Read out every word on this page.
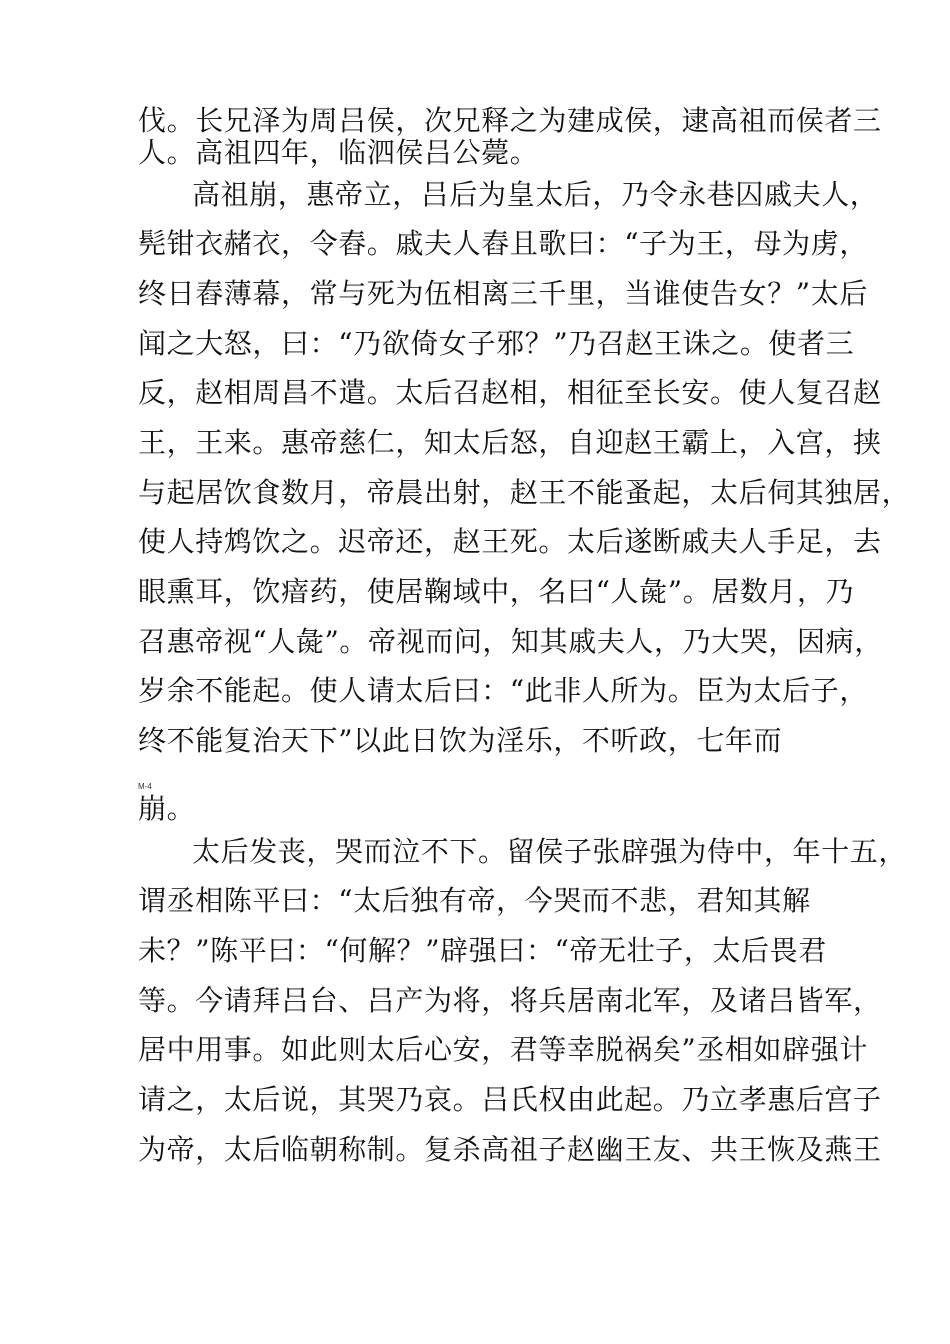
伐。长兄泽为周吕侯，次兄释之为建成侯，逮高祖而侯者三
人。高祖四年，临泗侯吕公薨。
高祖崩，惠帝立，吕后为皇太后，乃令永巷囚戚夫人，
髡钳衣赭衣，令舂。戚夫人舂且歌曰：“子为王，母为虏，
终日舂薄幕，常与死为伍相离三千里，当谁使告女？”太后
闻之大怒，曰：“乃欲倚女子邪？”乃召赵王诛之。使者三
反，赵相周昌不遣。太后召赵相，相征至长安。使人复召赵
王，王来。惠帝慈仁，知太后怒，自迎赵王霸上，入宫，挟
与起居饮食数月，帝晨出射，赵王不能蚤起，太后伺其独居，
使人持鸩饮之。迟帝还，赵王死。太后遂断戚夫人手足，去
眼熏耳，饮瘖药，使居鞠域中，名曰“人彘”。居数月，乃
召惠帝视“人彘”。帝视而问，知其戚夫人，乃大哭，因病，
岁余不能起。使人请太后曰：“此非人所为。臣为太后子，
终不能复治天下”以此日饮为淫乐，不听政，七年而
M-4
崩。
太后发丧，哭而泣不下。留侯子张辟强为侍中，年十五，
谓丞相陈平曰：“太后独有帝，今哭而不悲，君知其解
未？”陈平曰：“何解？”辟强曰：“帝无壮子，太后畏君
等。今请拜吕台、吕产为将，将兵居南北军，及诸吕皆军，
居中用事。如此则太后心安，君等幸脱祸矣”丞相如辟强计
请之，太后说，其哭乃哀。吕氏权由此起。乃立孝惠后宫子
为帝，太后临朝称制。复杀高祖子赵幽王友、共王恢及燕王
